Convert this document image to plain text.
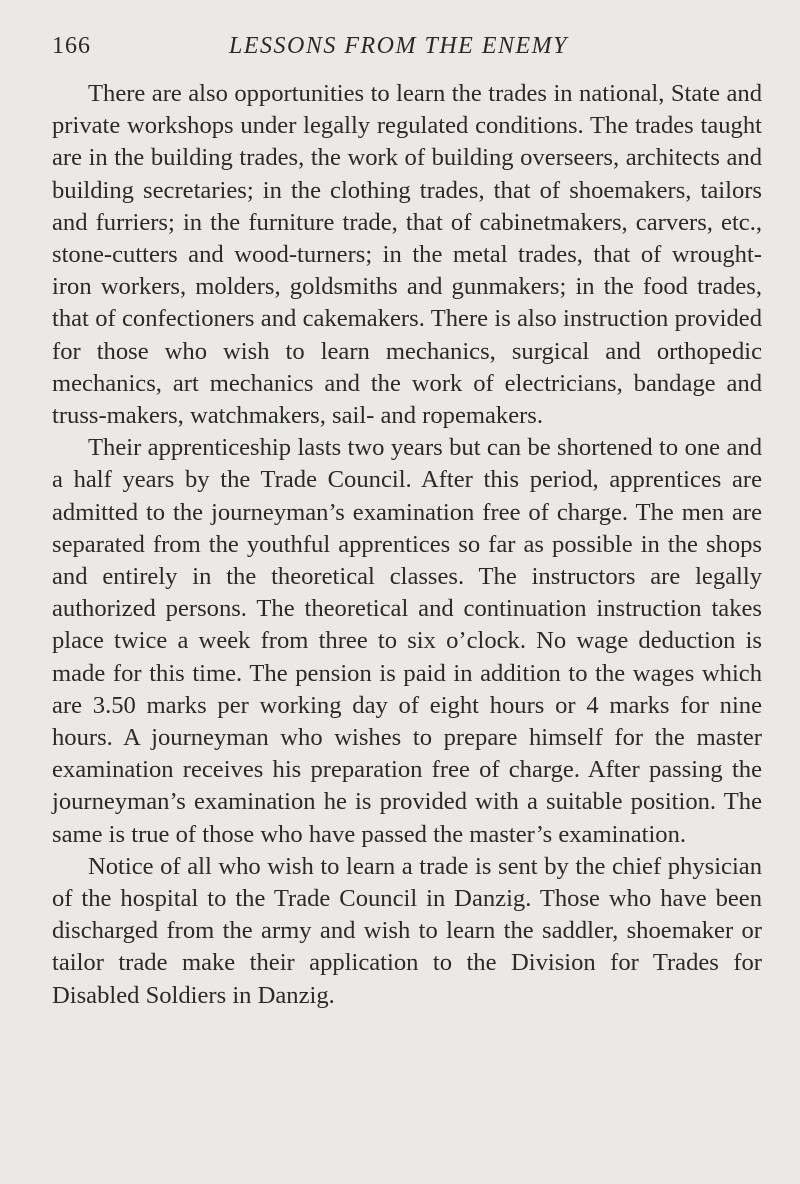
166	LESSONS FROM THE ENEMY

There are also opportunities to learn the trades in national, State and private workshops under legally regulated conditions. The trades taught are in the building trades, the work of building overseers, architects and building secretaries; in the clothing trades, that of shoemakers, tailors and furriers; in the furniture trade, that of cabinetmakers, carvers, etc., stone-cutters and wood-turners; in the metal trades, that of wrought-iron workers, molders, goldsmiths and gunmakers; in the food trades, that of confectioners and cakemakers. There is also instruction provided for those who wish to learn mechanics, surgical and orthopedic mechanics, art mechanics and the work of electricians, bandage and truss-makers, watchmakers, sail- and ropemakers.

Their apprenticeship lasts two years but can be shortened to one and a half years by the Trade Council. After this period, apprentices are admitted to the journeyman’s examination free of charge. The men are separated from the youthful apprentices so far as possible in the shops and entirely in the theoretical classes. The instructors are legally authorized persons. The theoretical and continuation instruction takes place twice a week from three to six o’clock. No wage deduction is made for this time. The pension is paid in addition to the wages which are 3.50 marks per working day of eight hours or 4 marks for nine hours. A journeyman who wishes to prepare himself for the master examination receives his preparation free of charge. After passing the journeyman’s examination he is provided with a suitable position. The same is true of those who have passed the master’s examination.

Notice of all who wish to learn a trade is sent by the chief physician of the hospital to the Trade Council in Danzig. Those who have been discharged from the army and wish to learn the saddler, shoemaker or tailor trade make their application to the Division for Trades for Disabled Soldiers in Danzig.
